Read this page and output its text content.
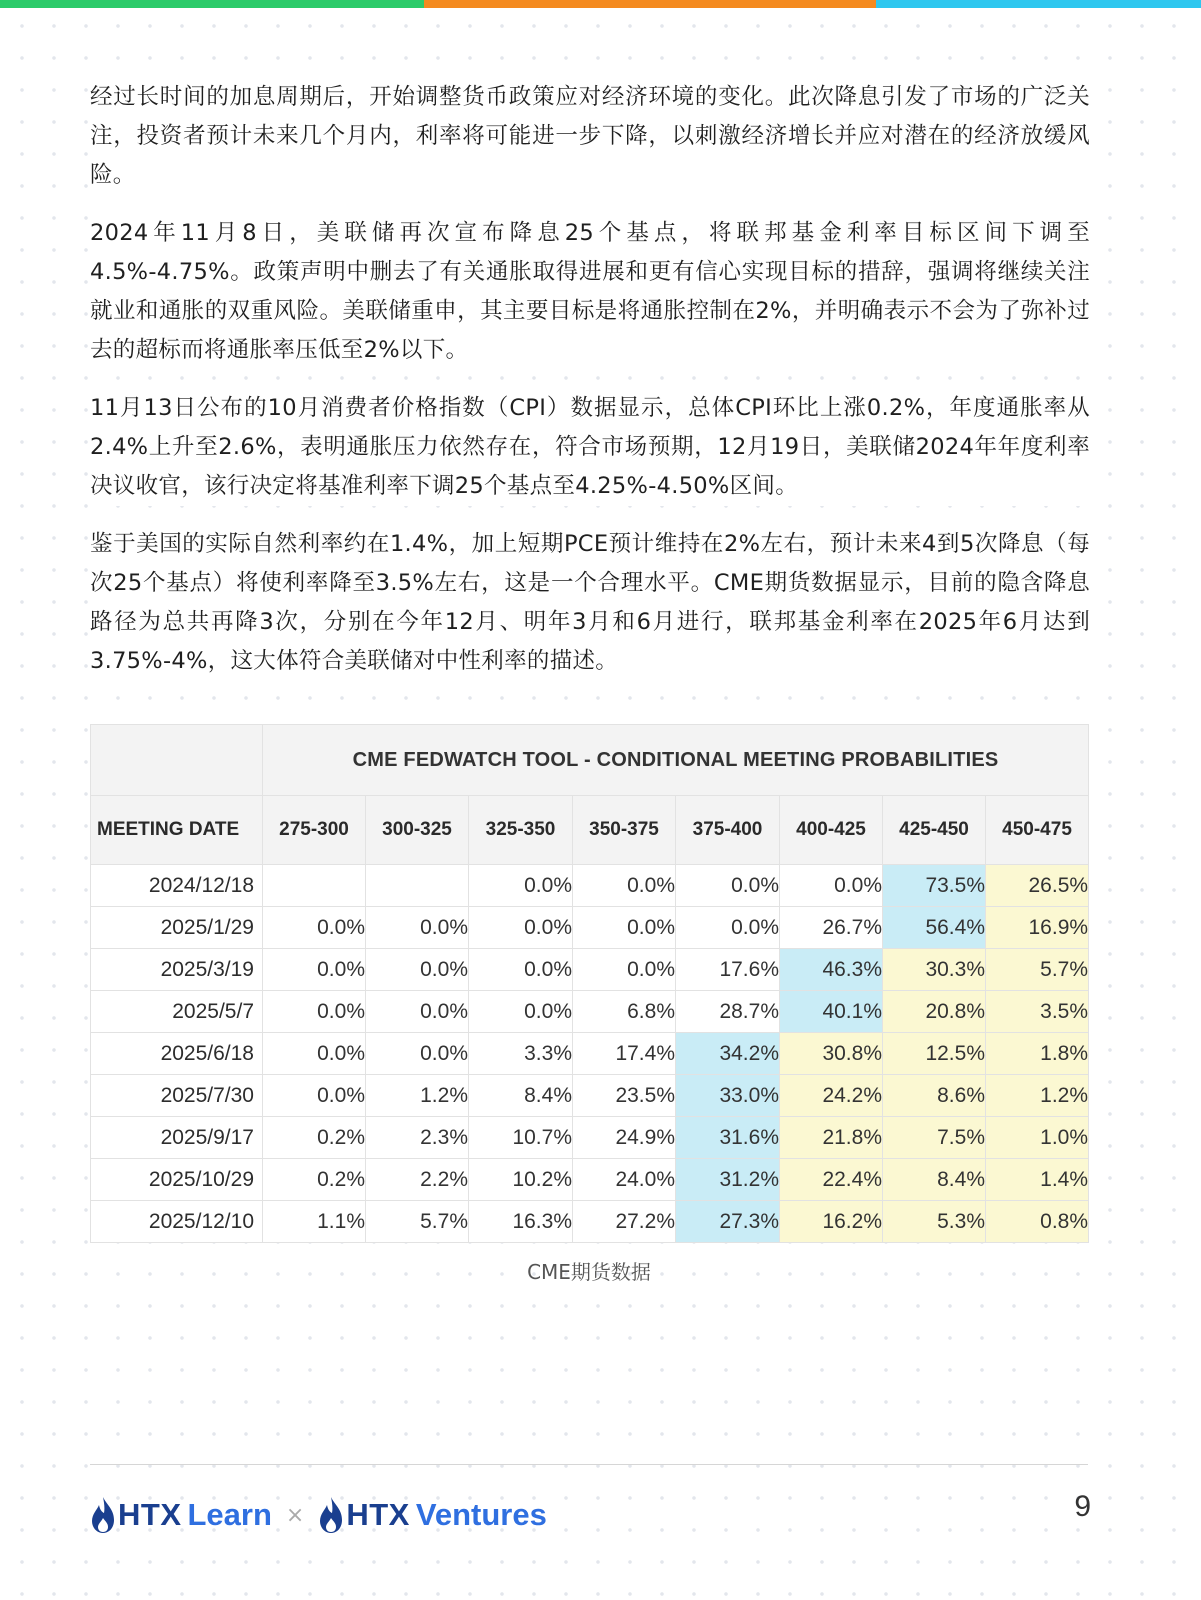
经过长时间的加息周期后，开始调整货币政策应对经济环境的变化。此次降息引发了市场的广泛关注，投资者预计未来几个月内，利率将可能进一步下降，以刺激经济增长并应对潜在的经济放缓风险。

2024年11月8日，美联储再次宣布降息25个基点，将联邦基金利率目标区间下调至4.5%-4.75%。政策声明中删去了有关通胀取得进展和更有信心实现目标的措辞，强调将继续关注就业和通胀的双重风险。美联储重申，其主要目标是将通胀控制在2%，并明确表示不会为了弥补过去的超标而将通胀率压低至2%以下。

11月13日公布的10月消费者价格指数（CPI）数据显示，总体CPI环比上涨0.2%，年度通胀率从2.4%上升至2.6%，表明通胀压力依然存在，符合市场预期，12月19日，美联储2024年年度利率决议收官，该行决定将基准利率下调25个基点至4.25%-4.50%区间。

鉴于美国的实际自然利率约在1.4%，加上短期PCE预计维持在2%左右，预计未来4到5次降息（每次25个基点）将使利率降至3.5%左右，这是一个合理水平。CME期货数据显示，目前的隐含降息路径为总共再降3次，分别在今年12月、明年3月和6月进行，联邦基金利率在2025年6月达到3.75%-4%，这大体符合美联储对中性利率的描述。

	CME FEDWATCH TOOL - CONDITIONAL MEETING PROBABILITIES							
MEETING DATE	275-300	300-325	325-350	350-375	375-400	400-425	425-450	450-475
2024/12/18			0.0%	0.0%	0.0%	0.0%	73.5%	26.5%
2025/1/29	0.0%	0.0%	0.0%	0.0%	0.0%	26.7%	56.4%	16.9%
2025/3/19	0.0%	0.0%	0.0%	0.0%	17.6%	46.3%	30.3%	5.7%
2025/5/7	0.0%	0.0%	0.0%	6.8%	28.7%	40.1%	20.8%	3.5%
2025/6/18	0.0%	0.0%	3.3%	17.4%	34.2%	30.8%	12.5%	1.8%
2025/7/30	0.0%	1.2%	8.4%	23.5%	33.0%	24.2%	8.6%	1.2%
2025/9/17	0.2%	2.3%	10.7%	24.9%	31.6%	21.8%	7.5%	1.0%
2025/10/29	0.2%	2.2%	10.2%	24.0%	31.2%	22.4%	8.4%	1.4%
2025/12/10	1.1%	5.7%	16.3%	27.2%	27.3%	16.2%	5.3%	0.8%
CME期货数据
HTX Learn × HTX Ventures	9
